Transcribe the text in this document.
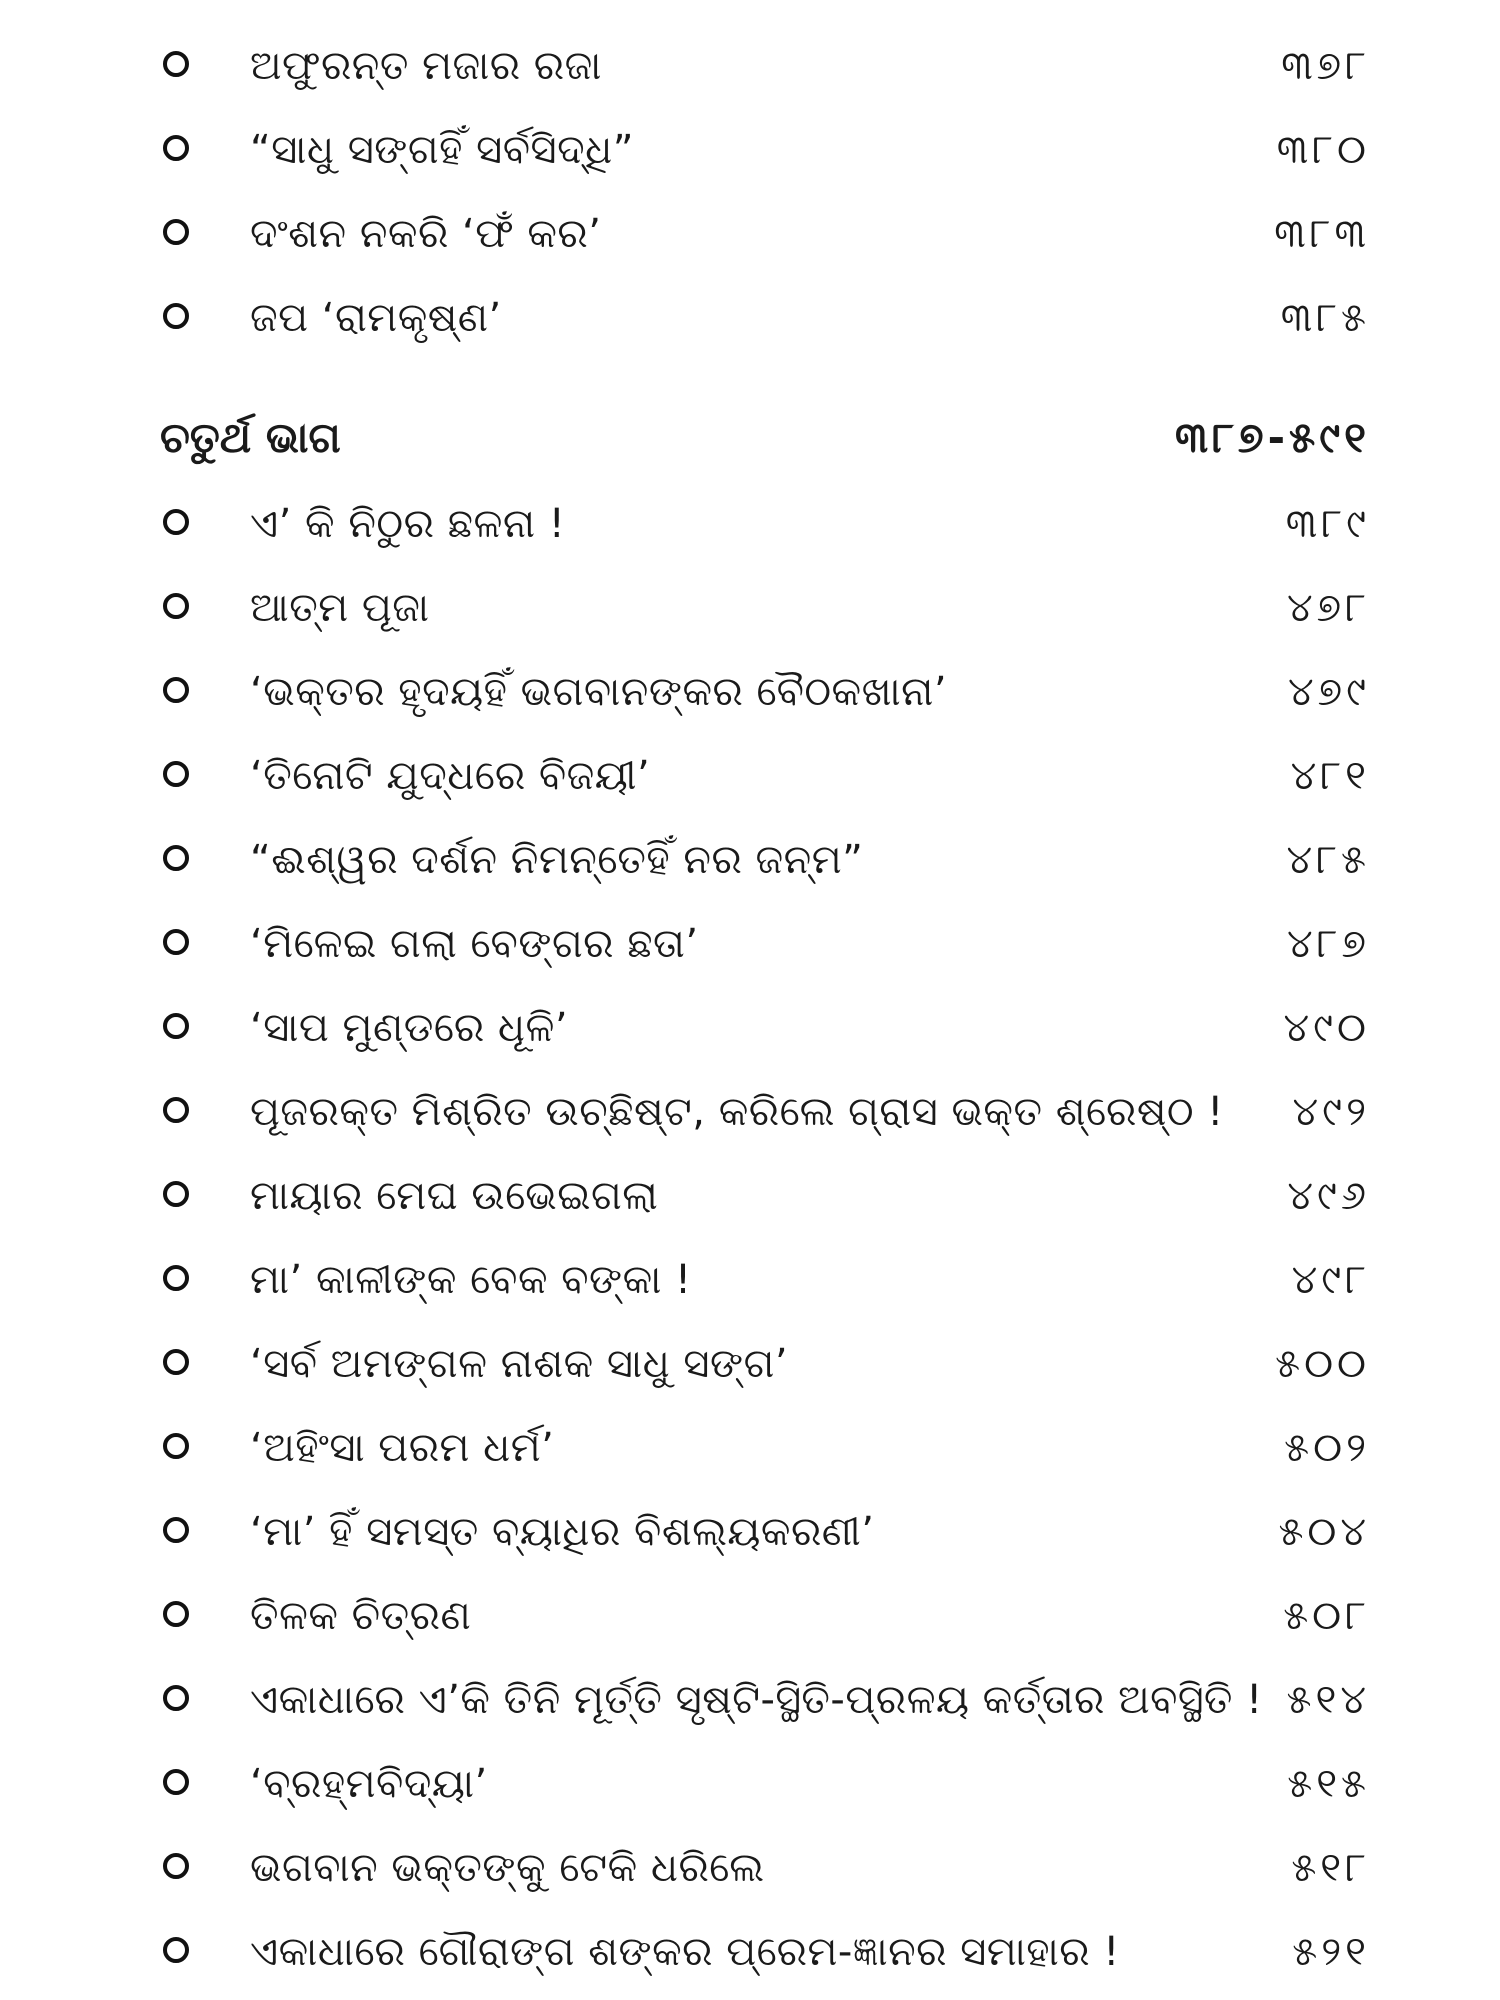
ଅଫୁରନ୍ତ ମଜାର ରଜା	୩୭୮
“ସାଧୁ ସଙ୍ଗହିଁ ସର୍ବସିଦ୍ଧି”	୩୮୦
ଦଂଶନ ନକରି ‘ଫଁ କର’	୩୮୩
ଜପ ‘ରାମକୃଷ୍ଣ’	୩୮୫
ଚତୁର୍ଥ ଭାଗ	୩୮୭-୫୯୧
ଏ’ କି ନିଠୁର ଛଳନା !	୩୮୯
ଆତ୍ମ ପୂଜା	୪୭୮
‘ଭକ୍ତର ହୃଦୟହିଁ ଭଗବାନଙ୍କର ବୈଠକଖାନା’	୪୭୯
‘ତିନୋଟି ଯୁଦ୍ଧରେ ବିଜୟୀ’	୪୮୧
“ଈଶ୍ୱର ଦର୍ଶନ ନିମନ୍ତେହିଁ ନର ଜନ୍ମ”	୪୮୫
‘ମିଳେଇ ଗଲା ବେଙ୍ଗର ଛତା’	୪୮୭
‘ସାପ ମୁଣ୍ଡରେ ଧୂଳି’	୪୯୦
ପୂଜରକ୍ତ ମିଶ୍ରିତ ଉଚ୍ଛିଷ୍ଟ, କରିଲେ ଗ୍ରାସ ଭକ୍ତ ଶ୍ରେଷ୍ଠ ! ୪୯୨
ମାୟାର ମେଘ ଉଭେଇଗଲା	୪୯୬
ମା’ କାଳୀଙ୍କ ବେକ ବଙ୍କା !	୪୯୮
‘ସର୍ବ ଅମଙ୍ଗଳ ନାଶକ ସାଧୁ ସଙ୍ଗ’	୫୦୦
‘ଅହିଂସା ପରମ ଧର୍ମ’	୫୦୨
‘ମା’ ହିଁ ସମସ୍ତ ବ୍ୟାଧିର ବିଶଲ୍ୟକରଣୀ’	୫୦୪
ତିଳକ ଚିତ୍ରଣ	୫୦୮
ଏକାଧାରେ ଏ’କି ତିନି ମୂର୍ତ୍ତି ସୃଷ୍ଟି-ସ୍ଥିତି-ପ୍ରଳୟ କର୍ତ୍ତାର ଅବସ୍ଥିତି ! ୫୧୪
‘ବ୍ରହ୍ମବିଦ୍ୟା’	୫୧୫
ଭଗବାନ ଭକ୍ତଙ୍କୁ ଟେକି ଧରିଲେ	୫୧୮
ଏକାଧାରେ ଗୌରାଙ୍ଗ ଶଙ୍କର ପ୍ରେମ-ଜ୍ଞାନର ସମାହାର !	୫୨୧
